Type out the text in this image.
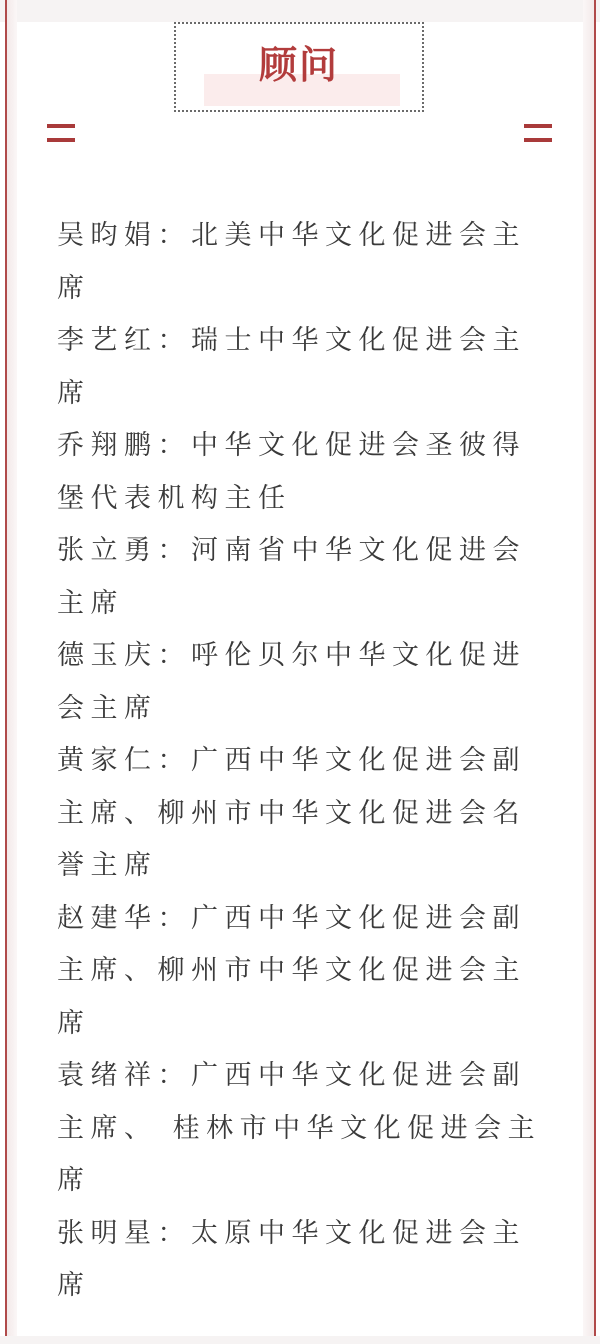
顾问

吴昀娟：北美中华文化促进会主席

李艺红：瑞士中华文化促进会主席

乔翔鹏：中华文化促进会圣彼得堡代表机构主任

张立勇：河南省中华文化促进会主席

德玉庆：呼伦贝尔中华文化促进会主席

黄家仁：广西中华文化促进会副主席、柳州市中华文化促进会名誉主席

赵建华：广西中华文化促进会副主席、柳州市中华文化促进会主席

袁绪祥：广西中华文化促进会副主席、 桂林市中华文化促进会主席

张明星：太原中华文化促进会主席
